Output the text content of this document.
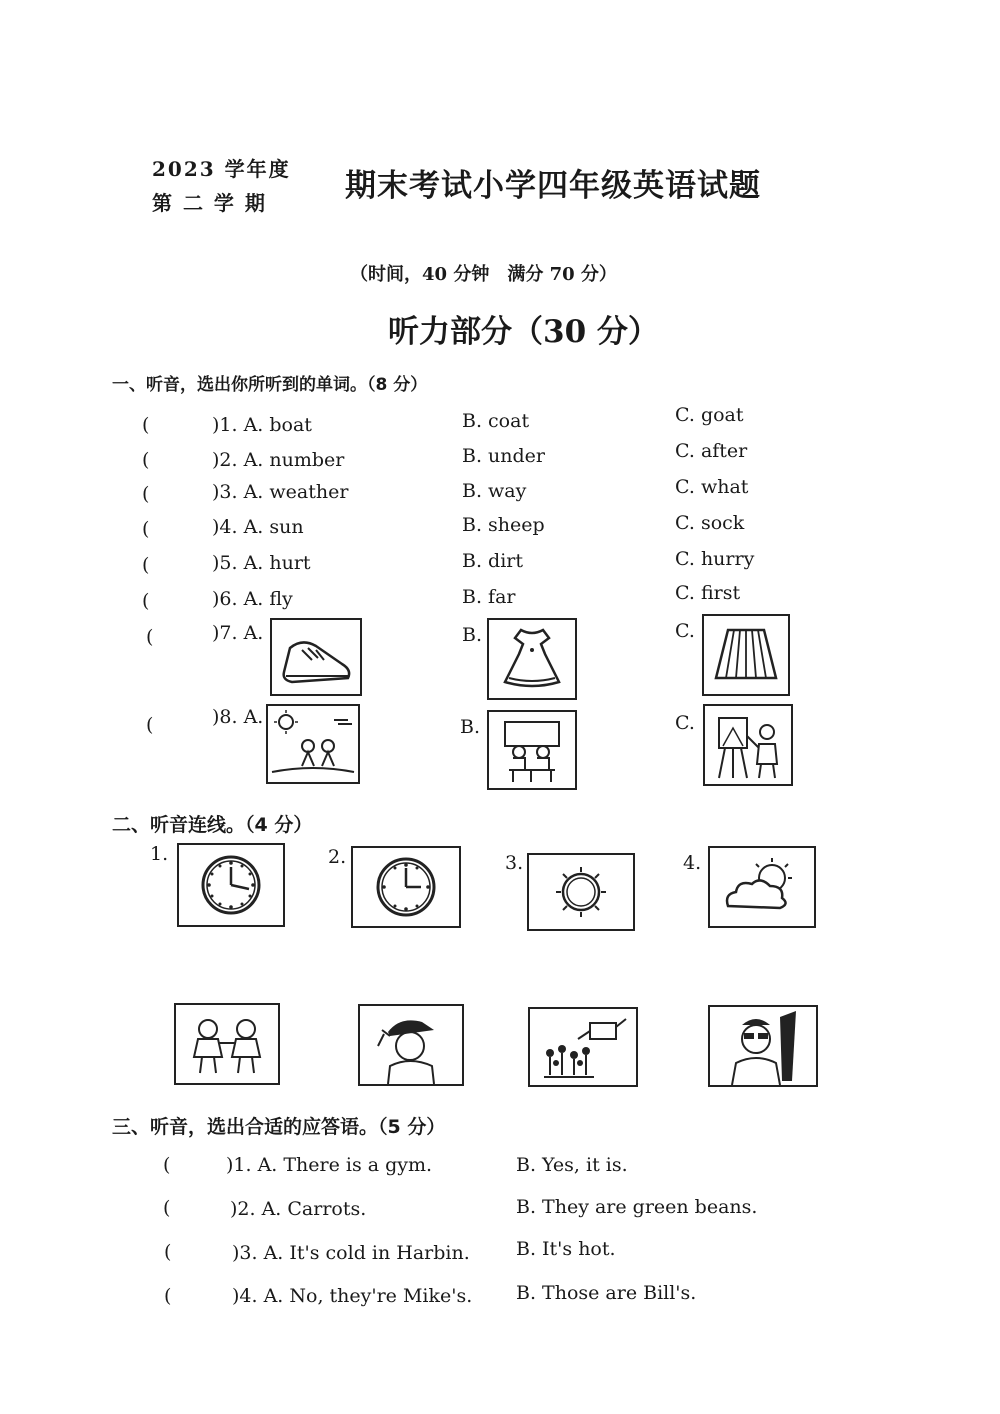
2023 学年度
第 二 学 期	期末考试小学四年级英语试题
（时间，40 分钟　满分 70 分）
听力部分（30 分）
一、听音，选出你所听到的单词。（8 分）
(	)1. A. boat	B. coat	C. goat
(	)2. A. number	B. under	C. after
(	)3. A. weather	B. way	C. what
(	)4. A. sun	B. sheep	C. sock
(	)5. A. hurt	B. dirt	C. hurry
(	)6. A. fly	B. far	C. first
(	)7. A.	B.	C.
(	)8. A.	B.	C.
二、听音连线。（4 分）
1.	2.	3.	4.
三、听音，选出合适的应答语。（5 分）
(	)1. A. There is a gym.	B. Yes, it is.
(	)2. A. Carrots.	B. They are green beans.
(	)3. A. It's cold in Harbin. B. It's hot.
(	)4. A. No, they're Mike's. B. Those are Bill's.
